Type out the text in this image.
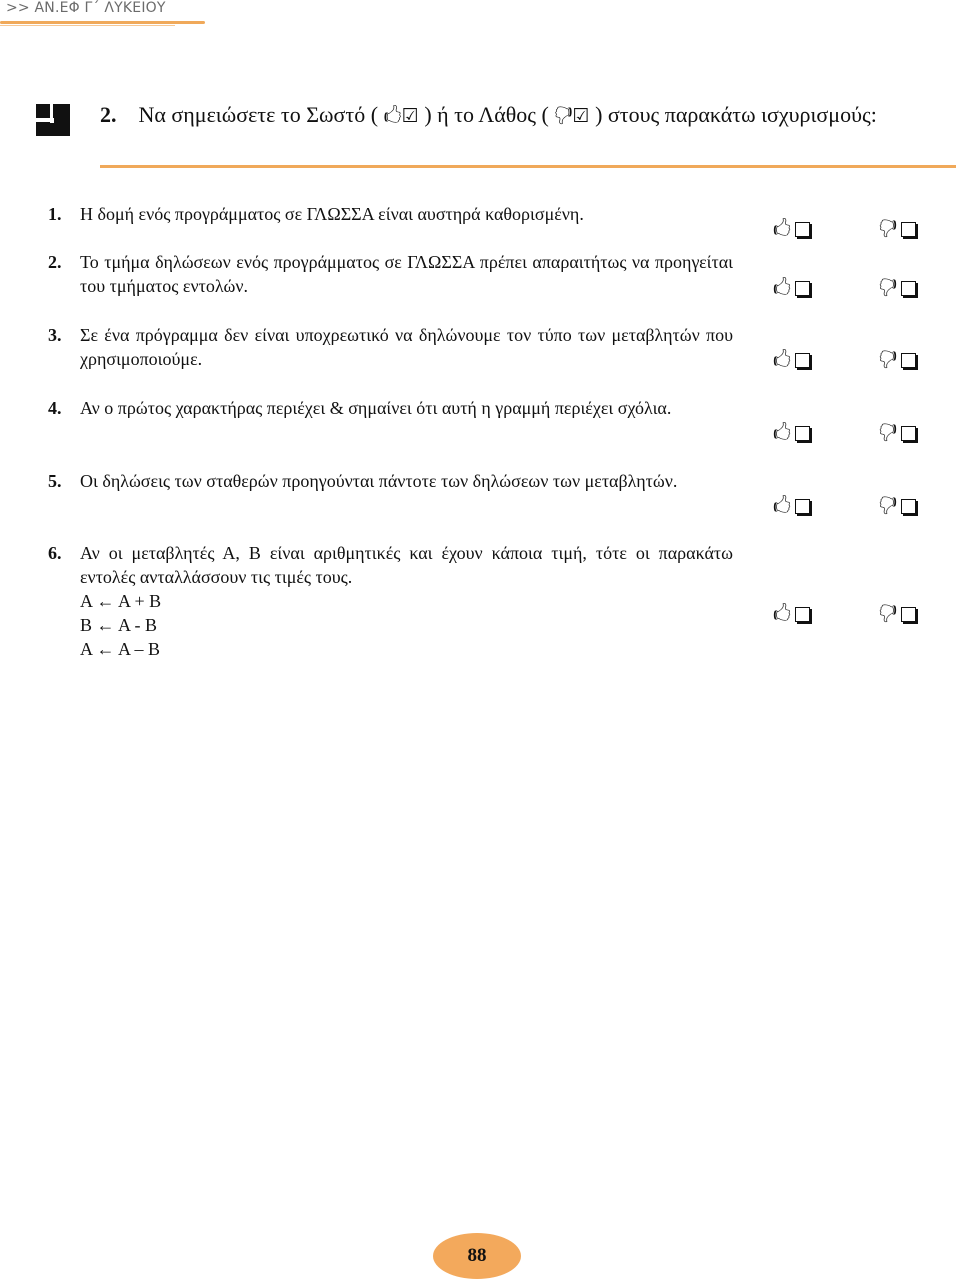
>> ΑΝ.ΕΦ Γ΄ ΛΥΚΕΙΟΥ
2. Να σημειώσετε το Σωστό ( 🖒☑ ) ή το Λάθος ( 🖓☑ ) στους παρακάτω ισχυρισμούς:
1. Η δομή ενός προγράμματος σε ΓΛΩΣΣΑ είναι αυστηρά καθορισμένη.
🖒	🖓
2. Το τμήμα δηλώσεων ενός προγράμματος σε ΓΛΩΣΣΑ πρέπει απαραιτήτως να προηγείται του τμήματος εντολών.	🖒	🖓
3. Σε ένα πρόγραμμα δεν είναι υποχρεωτικό να δηλώνουμε τον τύπο των μεταβλητών που χρησιμοποιούμε.	🖒	🖓
4. Αν ο πρώτος χαρακτήρας περιέχει & σημαίνει ότι αυτή η γραμμή περιέχει σχόλια.
🖒	🖓
5. Οι δηλώσεις των σταθερών προηγούνται πάντοτε των δηλώσεων των μεταβλητών.
🖒	🖓
6. Αν οι μεταβλητές Α, Β είναι αριθμητικές και έχουν κάποια τιμή, τότε οι παρακάτω εντολές ανταλλάσσουν τις τιμές τους.
Α ← Α + Β
Β ← Α - Β
Α ← Α – Β
🖒	🖓
88
